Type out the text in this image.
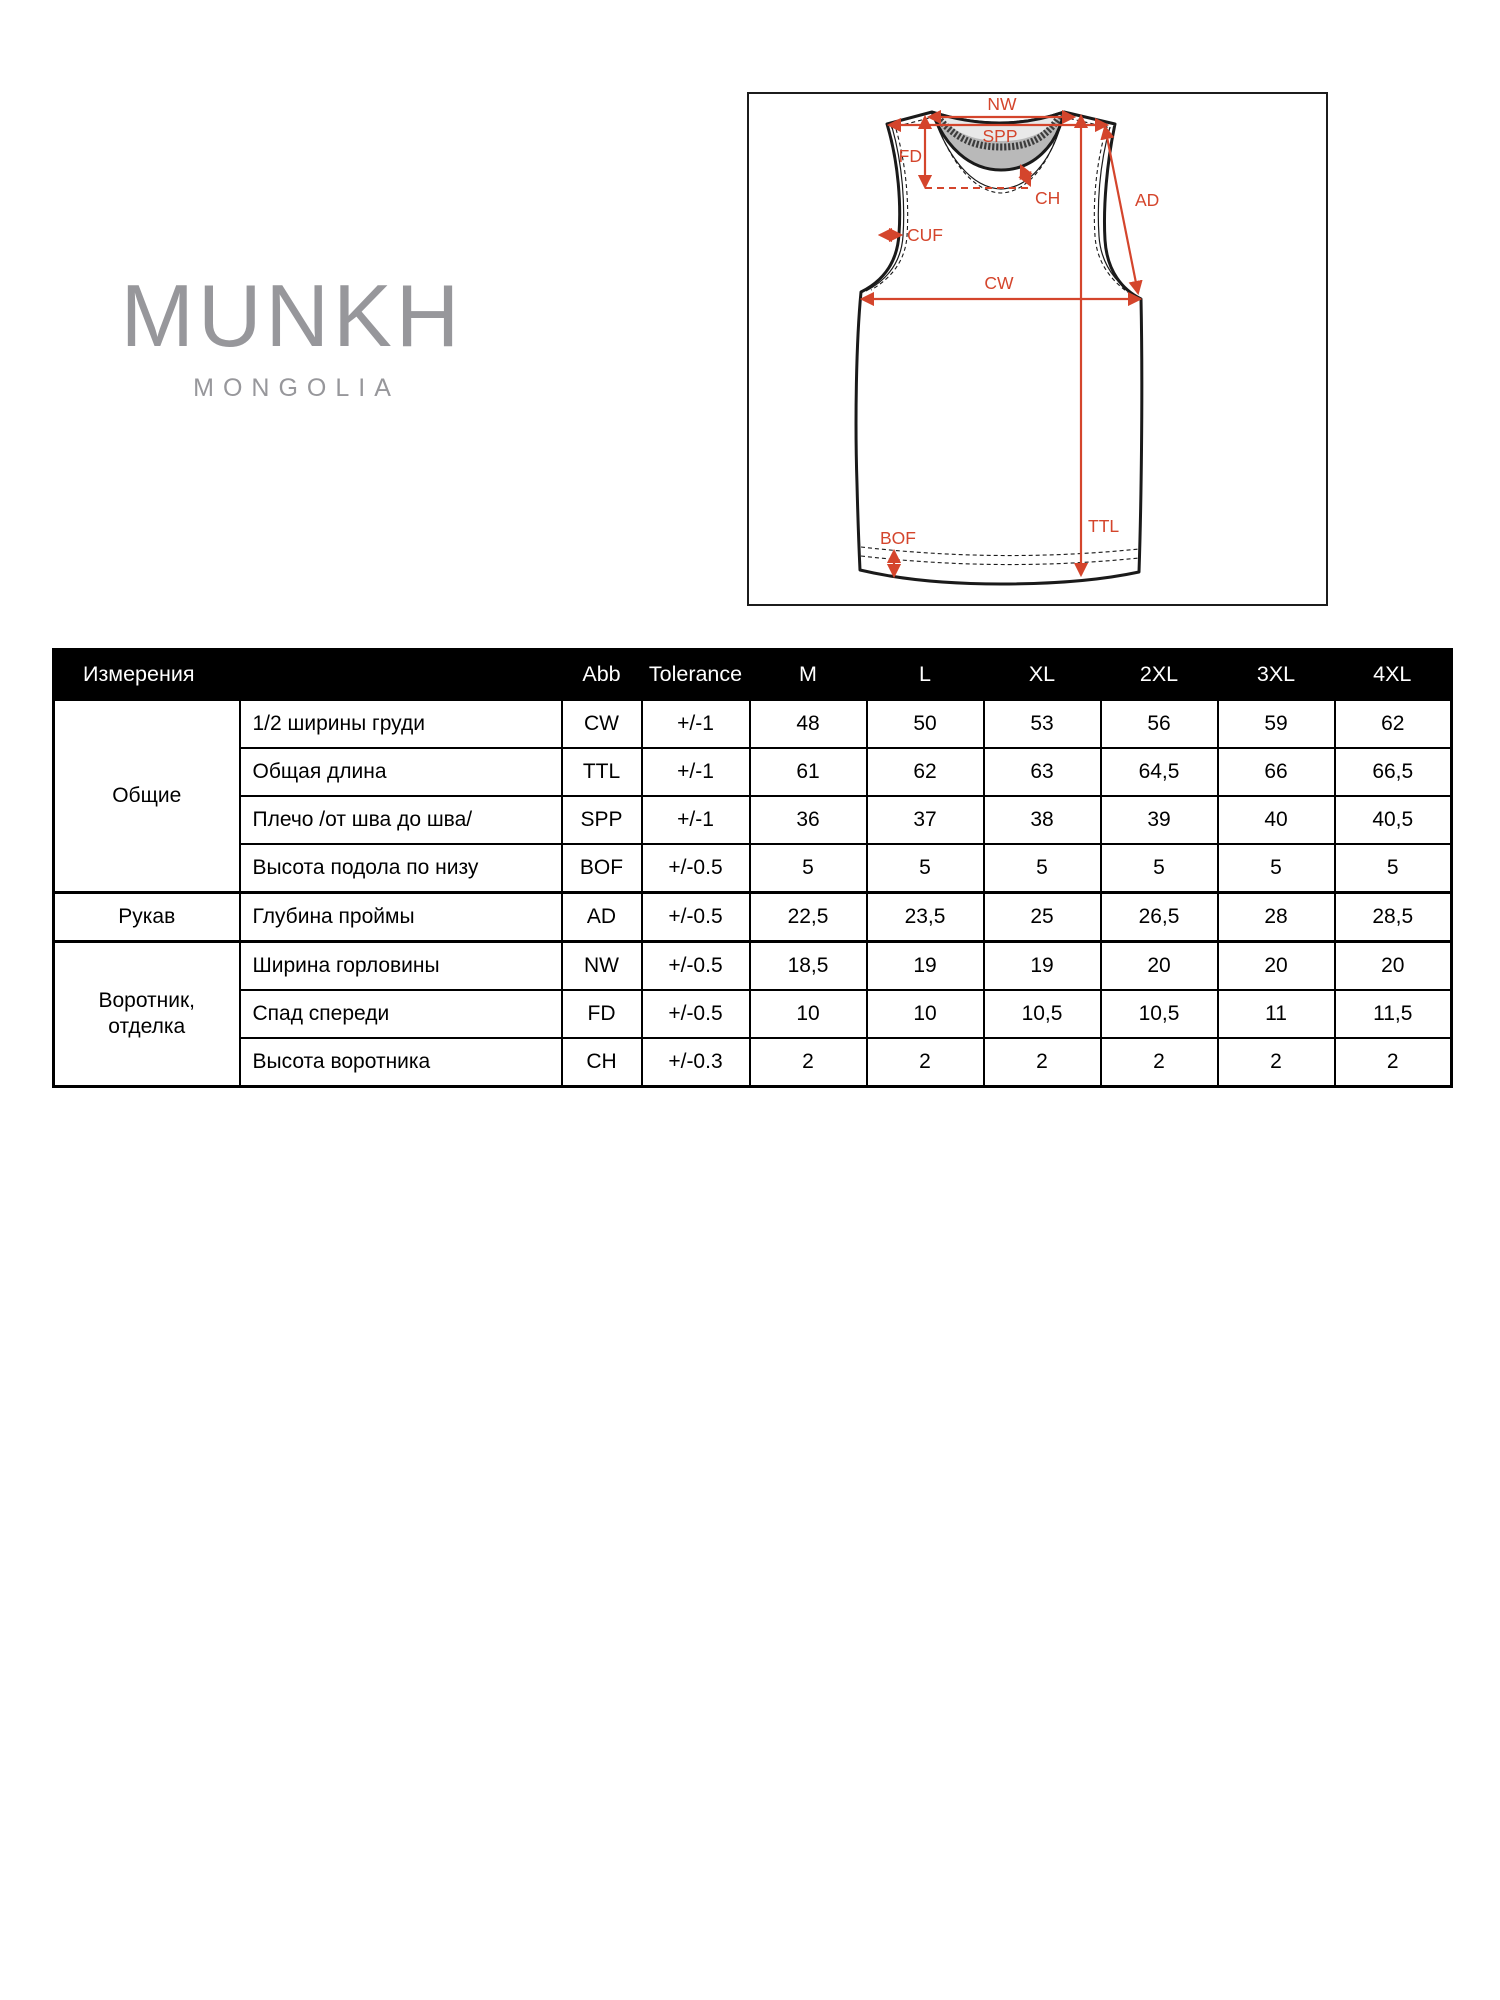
MUNKH
MONGOLIA
NW
SPP
FD
CH	AD
CUF
CW
TTL
BOF
Измерения		Abb	Tolerance	M	L	XL	2XL	3XL	4XL
Общие	1/2 ширины груди	CW	+/-1	48	50	53	56	59	62
	Общая длина	TTL	+/-1	61	62	63	64,5	66	66,5
	Плечо /от шва до шва/	SPP	+/-1	36	37	38	39	40	40,5
	Высота подола по низу	BOF	+/-0.5	5	5	5	5	5	5
Рукав	Глубина проймы	AD	+/-0.5	22,5	23,5	25	26,5	28	28,5
Воротник, отделка	Ширина горловины	NW	+/-0.5	18,5	19	19	20	20	20
	Спад спереди	FD	+/-0.5	10	10	10,5	10,5	11	11,5
	Высота воротника	CH	+/-0.3	2	2	2	2	2	2
